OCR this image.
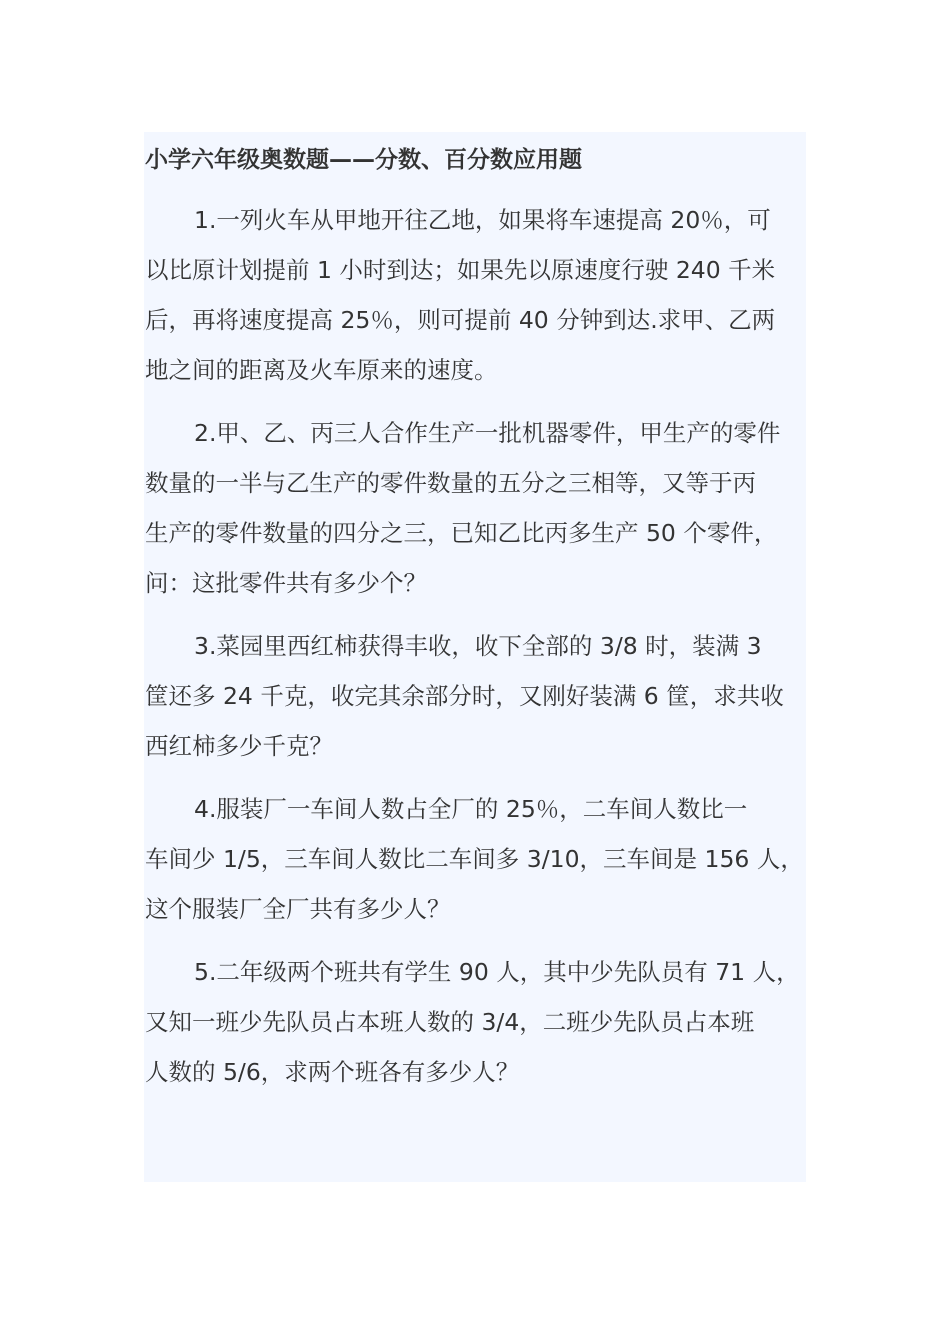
小学六年级奥数题——分数、百分数应用题

1.一列火车从甲地开往乙地，如果将车速提高 20％，可
以比原计划提前 1 小时到达；如果先以原速度行驶 240 千米
后，再将速度提高 25％，则可提前 40 分钟到达.求甲、乙两
地之间的距离及火车原来的速度。

2.甲、乙、丙三人合作生产一批机器零件，甲生产的零件
数量的一半与乙生产的零件数量的五分之三相等，又等于丙
生产的零件数量的四分之三，已知乙比丙多生产 50 个零件，
问：这批零件共有多少个？

3.菜园里西红柿获得丰收，收下全部的 3/8 时，装满 3
筐还多 24 千克，收完其余部分时，又刚好装满 6 筐，求共收
西红柿多少千克？

4.服装厂一车间人数占全厂的 25％，二车间人数比一
车间少 1/5，三车间人数比二车间多 3/10，三车间是 156 人，
这个服装厂全厂共有多少人？

5.二年级两个班共有学生 90 人，其中少先队员有 71 人，
又知一班少先队员占本班人数的 3/4，二班少先队员占本班
人数的 5/6，求两个班各有多少人？
